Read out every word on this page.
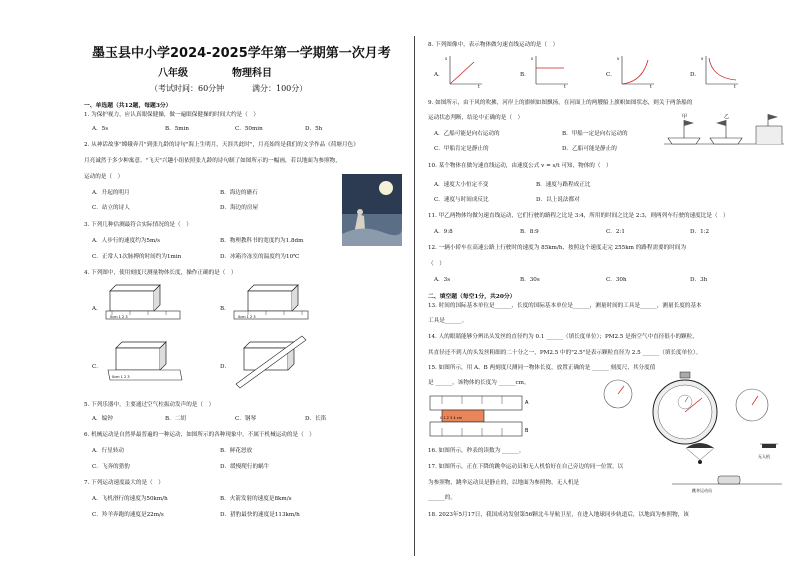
墨玉县中小学2024-2025学年第一学期第一次月考
八年级	物理科目
（考试时间：60分钟	满分：100分）
一、单选题（共12题，每题3分）
1. 为保护视力，应认真眼保健操，做一遍眼保健操的时间大约是（　）
A．5s	B．5min	C．50min	D．5h
2. 从神话故事"嫦娥奔月"到张九龄的诗句"海上生明月，天涯共此时"，月亮始终是我们的文学作品《荷塘月色》
月亮诚然于多少种寓意。"飞天"兴趣小组依照张九龄的诗句制了如图所示的一幅画，若以地面为参照物，
运动的是（　）
A．升起的明月	B．海边的礁石
C．站立的诗人	D．海边的房屋
3. 下列几种估测最符合实际情况的是（　）
A．人步行的速度约为5m/s	B．物理教科书的宽度约为1.8dm
C．正常人1次脉搏的时间约为1min	D．冰箱冷冻室的温度约为10℃
4. 下列图中，使用刻度尺测量物体长度，操作正确的是（　）
A．	B．
C．	D．
0cm 1 2 3	0cm 1 2 3
0cm 1 2 3
5. 下列乐器中，主要通过空气柱振动发声的是（　）
A．编钟	B．二胡	C．钢琴	D．长笛
6. 机械运动是自然界最普遍的一种运动，如图所示的各种现象中，不属于机械运动的是（　）
A．行星转动	B．鲜花怒放
C．飞奔的猎豹	D．缓慢爬行的蜗牛
7. 下列运动速度最大的是（　）
A．飞机滑行的速度为50km/h	B．火箭发射的速度是8km/s
C．羚羊奔跑的速度是22m/s	D．猎豹最快的速度是113km/h
8. 下列图像中，表示物体做匀速直线运动的是（　）
A．	B．	C．	D．
s
t
s
t
v
t
v
t
9. 如图所示，由于风的吹拂，河岸上的旗帜如图飘扬，在河面上的两艘船上旗帜如图状态，则关于两条船的
运动状态判断，结论中正确的是（　）
A．乙船可能是向右运动的	B．甲船一定是向右运动的
C．甲船肯定是静止的	D．乙船可能是静止的
甲	乙
10. 某个物体在做匀速直线运动，由速度公式 v = s/t 可知，物体的（　）
A．速度大小恒定不变	B．速度与路程成正比
C．速度与时间成反比	D．以上说法都对
11. 甲乙两物体均做匀速直线运动，它们行驶的路程之比是 3:4，所用的时间之比是 2:3，则两列车行驶的速度比是（　）
A．9:8	B．8:9	C．2:1	D．1:2
12. 一辆小轿车在高速公路上行驶时的速度为 85km/h，按照这个速度走完 255km 的路程需要的时间为
（　）
A．3s	B．30s	C．30h	D．3h
二、填空题（每空1分，共20分）
13. 时间的国际基本单位是______，长度的国际基本单位是______，测量时间的工具是______，测量长度的基本
工具是______。
14. 人的眼睛能够分辨出头发丝的直径约为 0.1 ______（填长度单位）；PM2.5 是指空气中直径很小的颗粒，
其直径还不到人的头发丝粗细的二十分之一，PM2.5 中的"2.5"是表示颗粒直径为 2.5 ______（填长度单位）。
15. 如图所示，用 A、B 两刻度尺测同一物体长度，放置正确的是 ______ 刻度尺，其分度值
是 ______，该物体的长度为 ______cm。
A
B
0 1 2 3 4 cm
16. 如图所示，秒表的读数为 ______。
17. 如图所示，正在下降的跳伞运动员和无人机恰好在自己旁边的同一位置。以
为参照物，跳伞运动员是静止的，以地面为参照物，无人机是
______的。
无人机
跳伞运动员
18. 2023年5月17日，我国成功发射第56颗北斗导航卫星，在进入地球同步轨道后，以地面为参照物，该
